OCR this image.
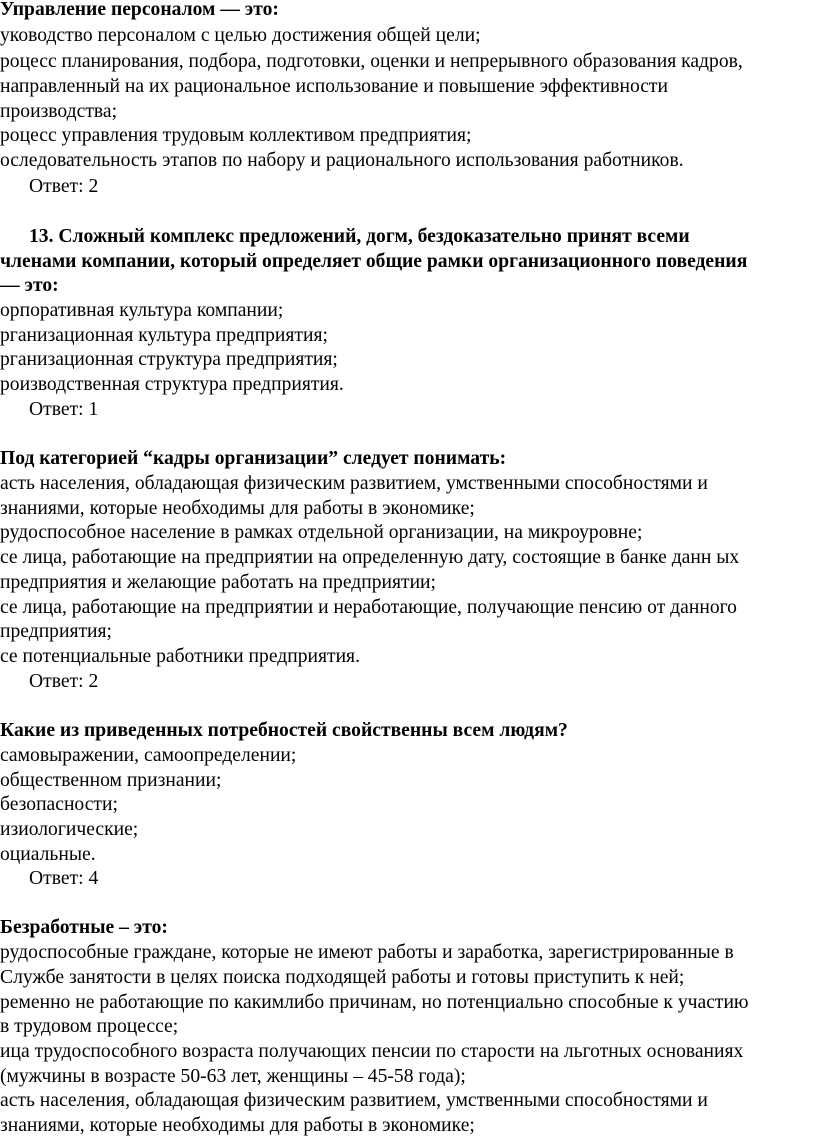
Управление персоналом — это:

уководство персоналом с целью достижения общей цели;

роцесс планирования, подбора, подготовки, оценки и непрерывного образования кадров,

направленный на их рациональное использование и повышение эффективности

производства;

роцесс управления трудовым коллективом предприятия;

оследовательность этапов по набору и рационального использования работников.

Ответ: 2

13. Сложный комплекс предложений, догм, бездоказательно принят всеми

членами компании, который определяет общие рамки организационного поведения

— это:

орпоративная культура компании;

рганизационная культура предприятия;

рганизационная структура предприятия;

роизводственная структура предприятия.

Ответ: 1

Под категорией “кадры организации” следует понимать:

асть населения, обладающая физическим развитием, умственными способностями и

знаниями, которые необходимы для работы в экономике;

рудоспособное население в рамках отдельной организации, на микроуровне;

се лица, работающие на предприятии на определенную дату, состоящие в банке данн ых

предприятия и желающие работать на предприятии;

се лица, работающие на предприятии и неработающие, получающие пенсию от данного

предприятия;

се потенциальные работники предприятия.

Ответ: 2

Какие из приведенных потребностей свойственны всем людям?

самовыражении, самоопределении;

общественном признании;

безопасности;

изиологические;

оциальные.

Ответ: 4

Безработные – это:

рудоспособные граждане, которые не имеют работы и заработка, зарегистрированные в

Службе занятости в целях поиска подходящей работы и готовы приступить к ней;

ременно не работающие по какимлибо причинам, но потенциально способные к участию

в трудовом процессе;

ица трудоспособного возраста получающих пенсии по старости на льготных основаниях

(мужчины в возрасте 50-63 лет, женщины – 45-58 года);

асть населения, обладающая физическим развитием, умственными способностями и

знаниями, которые необходимы для работы в экономике;
